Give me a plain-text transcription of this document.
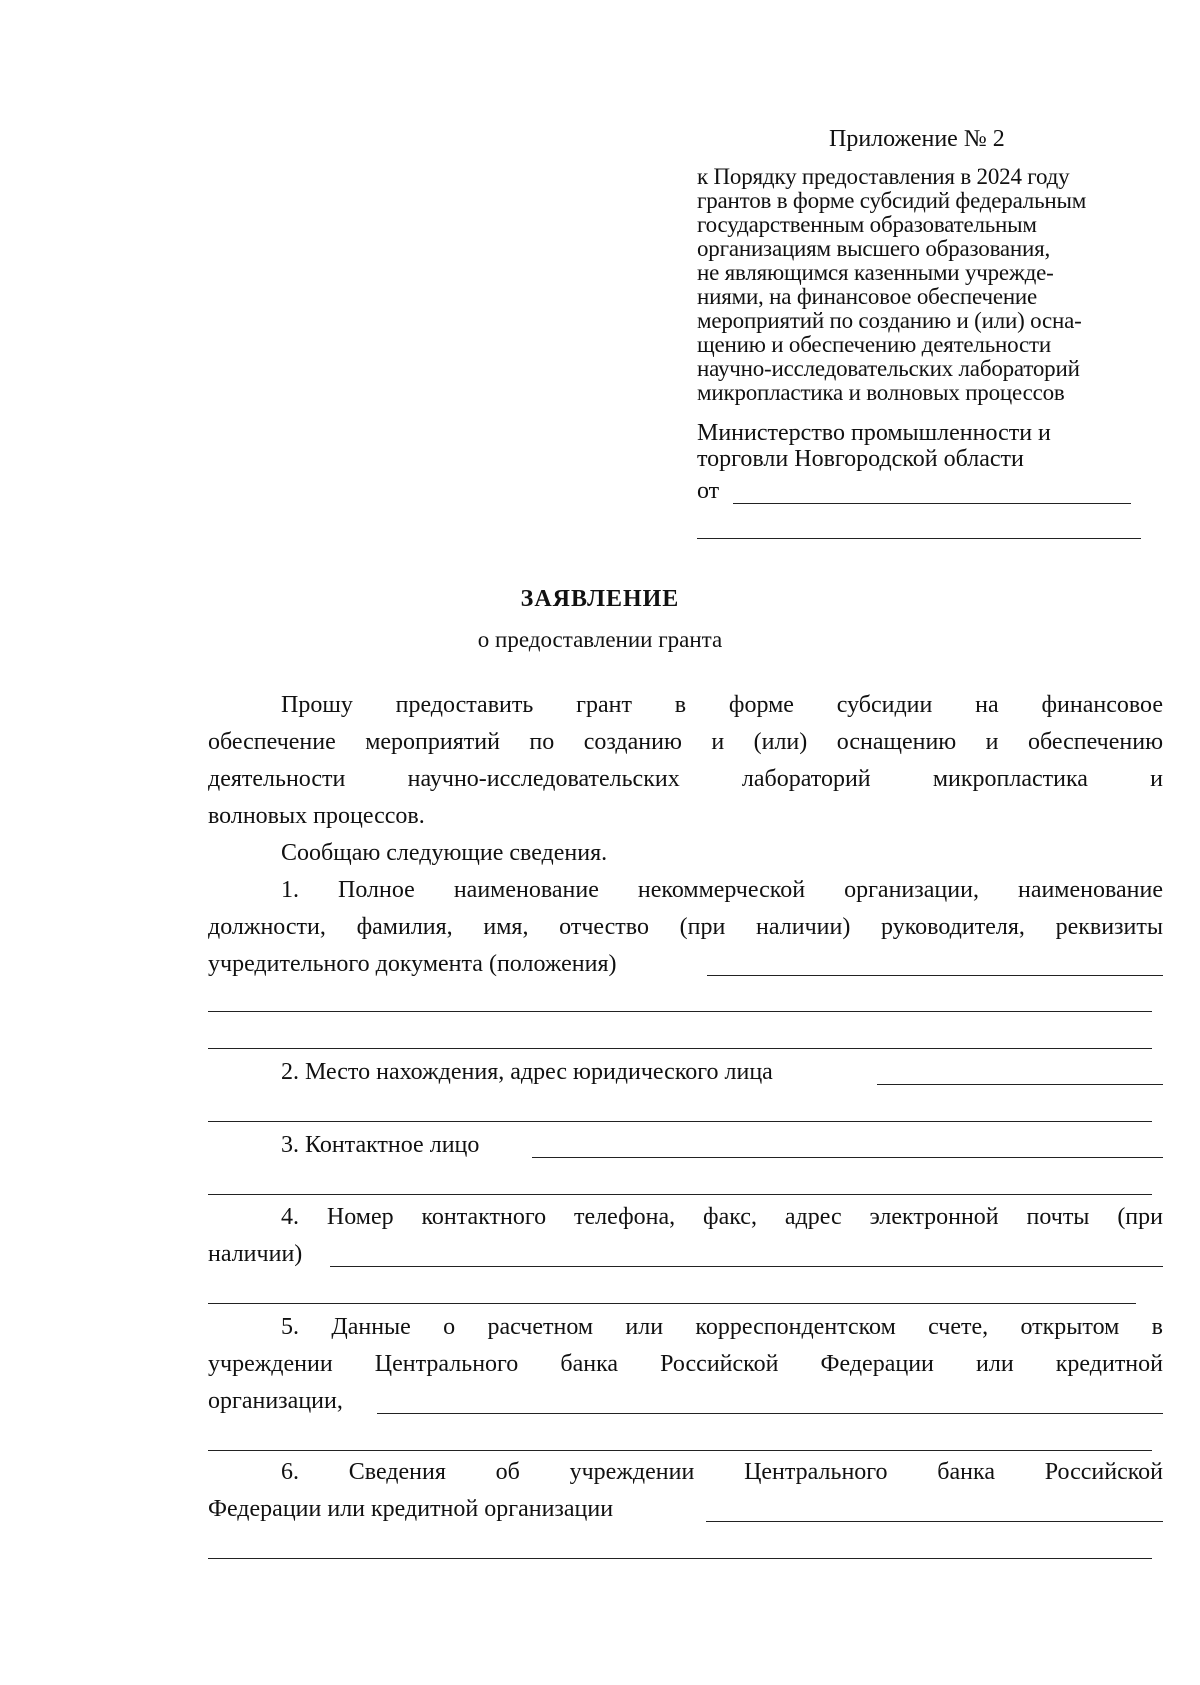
Приложение № 2
к Порядку предоставления в 2024 году
грантов в форме субсидий федеральным
государственным образовательным
организациям высшего образования,
не являющимся казенными учрежде-
ниями, на финансовое обеспечение
мероприятий по созданию и (или) осна-
щению и обеспечению деятельности
научно-исследовательских лабораторий
микропластика и волновых процессов
Министерство промышленности и
торговли Новгородской области
от
ЗАЯВЛЕНИЕ
о предоставлении гранта
Прошу предоставить грант в форме субсидии на финансовое
обеспечение мероприятий по созданию и (или) оснащению и обеспечению
деятельности научно-исследовательских лабораторий микропластика и
волновых процессов.
Сообщаю следующие сведения.
1. Полное наименование некоммерческой организации, наименование
должности, фамилия, имя, отчество (при наличии) руководителя, реквизиты
учредительного документа (положения)
2. Место нахождения, адрес юридического лица
3. Контактное лицо
4. Номер контактного телефона, факс, адрес электронной почты (при
наличии)
5. Данные о расчетном или корреспондентском счете, открытом в
учреждении Центрального банка Российской Федерации или кредитной
организации,
6. Сведения об учреждении Центрального банка Российской
Федерации или кредитной организации
